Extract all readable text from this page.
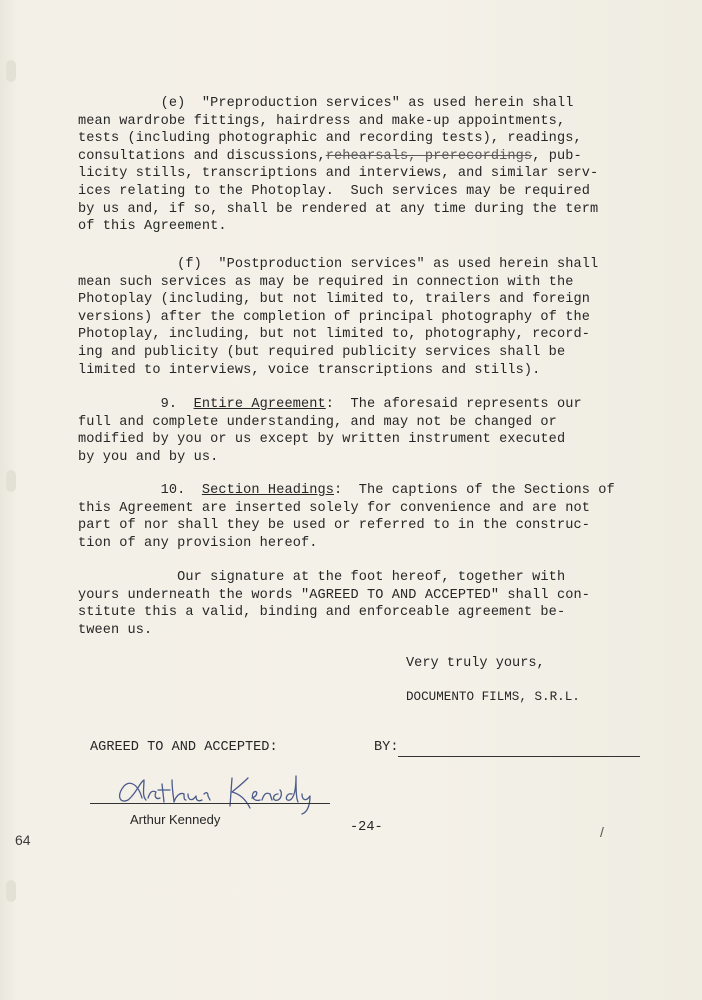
(e)  "Preproduction services" as used herein shall
mean wardrobe fittings, hairdress and make-up appointments,
tests (including photographic and recording tests), readings,
consultations and discussions,rehearsals, prerecordings, pub-
licity stills, transcriptions and interviews, and similar serv-
ices relating to the Photoplay.  Such services may be required
by us and, if so, shall be rendered at any time during the term
of this Agreement.
(f)  "Postproduction services" as used herein shall
mean such services as may be required in connection with the
Photoplay (including, but not limited to, trailers and foreign
versions) after the completion of principal photography of the
Photoplay, including, but not limited to, photography, record-
ing and publicity (but required publicity services shall be
limited to interviews, voice transcriptions and stills).
9.  Entire Agreement:  The aforesaid represents our
full and complete understanding, and may not be changed or
modified by you or us except by written instrument executed
by you and by us.
10.  Section Headings:  The captions of the Sections of
this Agreement are inserted solely for convenience and are not
part of nor shall they be used or referred to in the construc-
tion of any provision hereof.
Our signature at the foot hereof, together with
yours underneath the words "AGREED TO AND ACCEPTED" shall con-
stitute this a valid, binding and enforceable agreement be-
tween us.
Very truly yours,
DOCUMENTO FILMS, S.R.L.
AGREED TO AND ACCEPTED:	BY:
Arthur Kennedy
-24-
64	/
